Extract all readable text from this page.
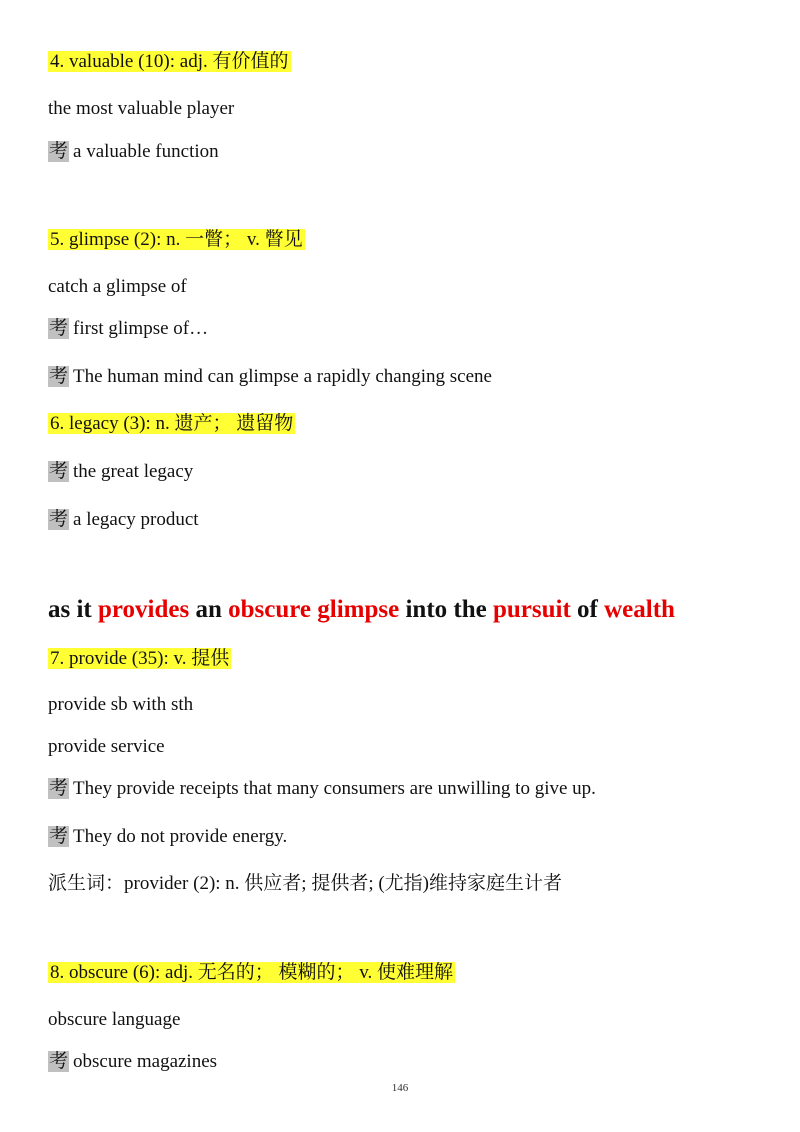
4. valuable (10): adj. 有价值的
the most valuable player
考 a valuable function
5. glimpse (2): n. 一瞥； v. 瞥见
catch a glimpse of
考 first glimpse of…
考 The human mind can glimpse a rapidly changing scene
6. legacy (3): n. 遗产； 遗留物
考 the great legacy
考 a legacy product
as it provides an obscure glimpse into the pursuit of wealth
7. provide (35): v. 提供
provide sb with sth
provide service
考 They provide receipts that many consumers are unwilling to give up.
考 They do not provide energy.
派生词：provider (2): n. 供应者; 提供者; (尤指)维持家庭生计者
8. obscure (6): adj. 无名的； 模糊的； v. 使难理解
obscure language
考 obscure magazines
146
